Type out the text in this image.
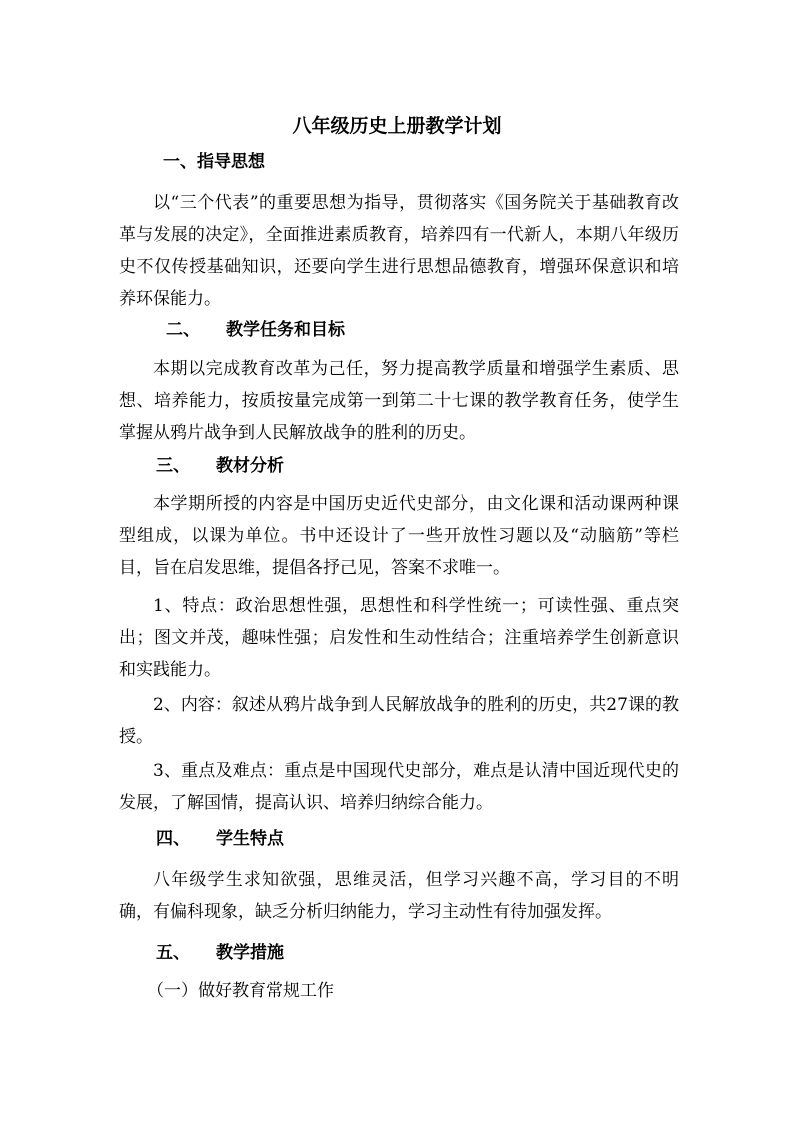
八年级历史上册教学计划
一、指导思想

以“三个代表”的重要思想为指导，贯彻落实《国务院关于基础教育改革与发展的决定》，全面推进素质教育，培养四有一代新人，本期八年级历史不仅传授基础知识，还要向学生进行思想品德教育，增强环保意识和培养环保能力。

二、 教学任务和目标

本期以完成教育改革为己任，努力提高教学质量和增强学生素质、思想、培养能力，按质按量完成第一到第二十七课的教学教育任务，使学生掌握从鸦片战争到人民解放战争的胜利的历史。

三、 教材分析

本学期所授的内容是中国历史近代史部分，由文化课和活动课两种课型组成，以课为单位。书中还设计了一些开放性习题以及“动脑筋”等栏目，旨在启发思维，提倡各抒己见，答案不求唯一。

1、特点：政治思想性强，思想性和科学性统一；可读性强、重点突出；图文并茂，趣味性强；启发性和生动性结合；注重培养学生创新意识和实践能力。

2、内容：叙述从鸦片战争到人民解放战争的胜利的历史，共27课的教授。

3、重点及难点：重点是中国现代史部分，难点是认清中国近现代史的发展，了解国情，提高认识、培养归纳综合能力。

四、 学生特点

八年级学生求知欲强，思维灵活，但学习兴趣不高，学习目的不明确，有偏科现象，缺乏分析归纳能力，学习主动性有待加强发挥。

五、 教学措施

（一）做好教育常规工作
